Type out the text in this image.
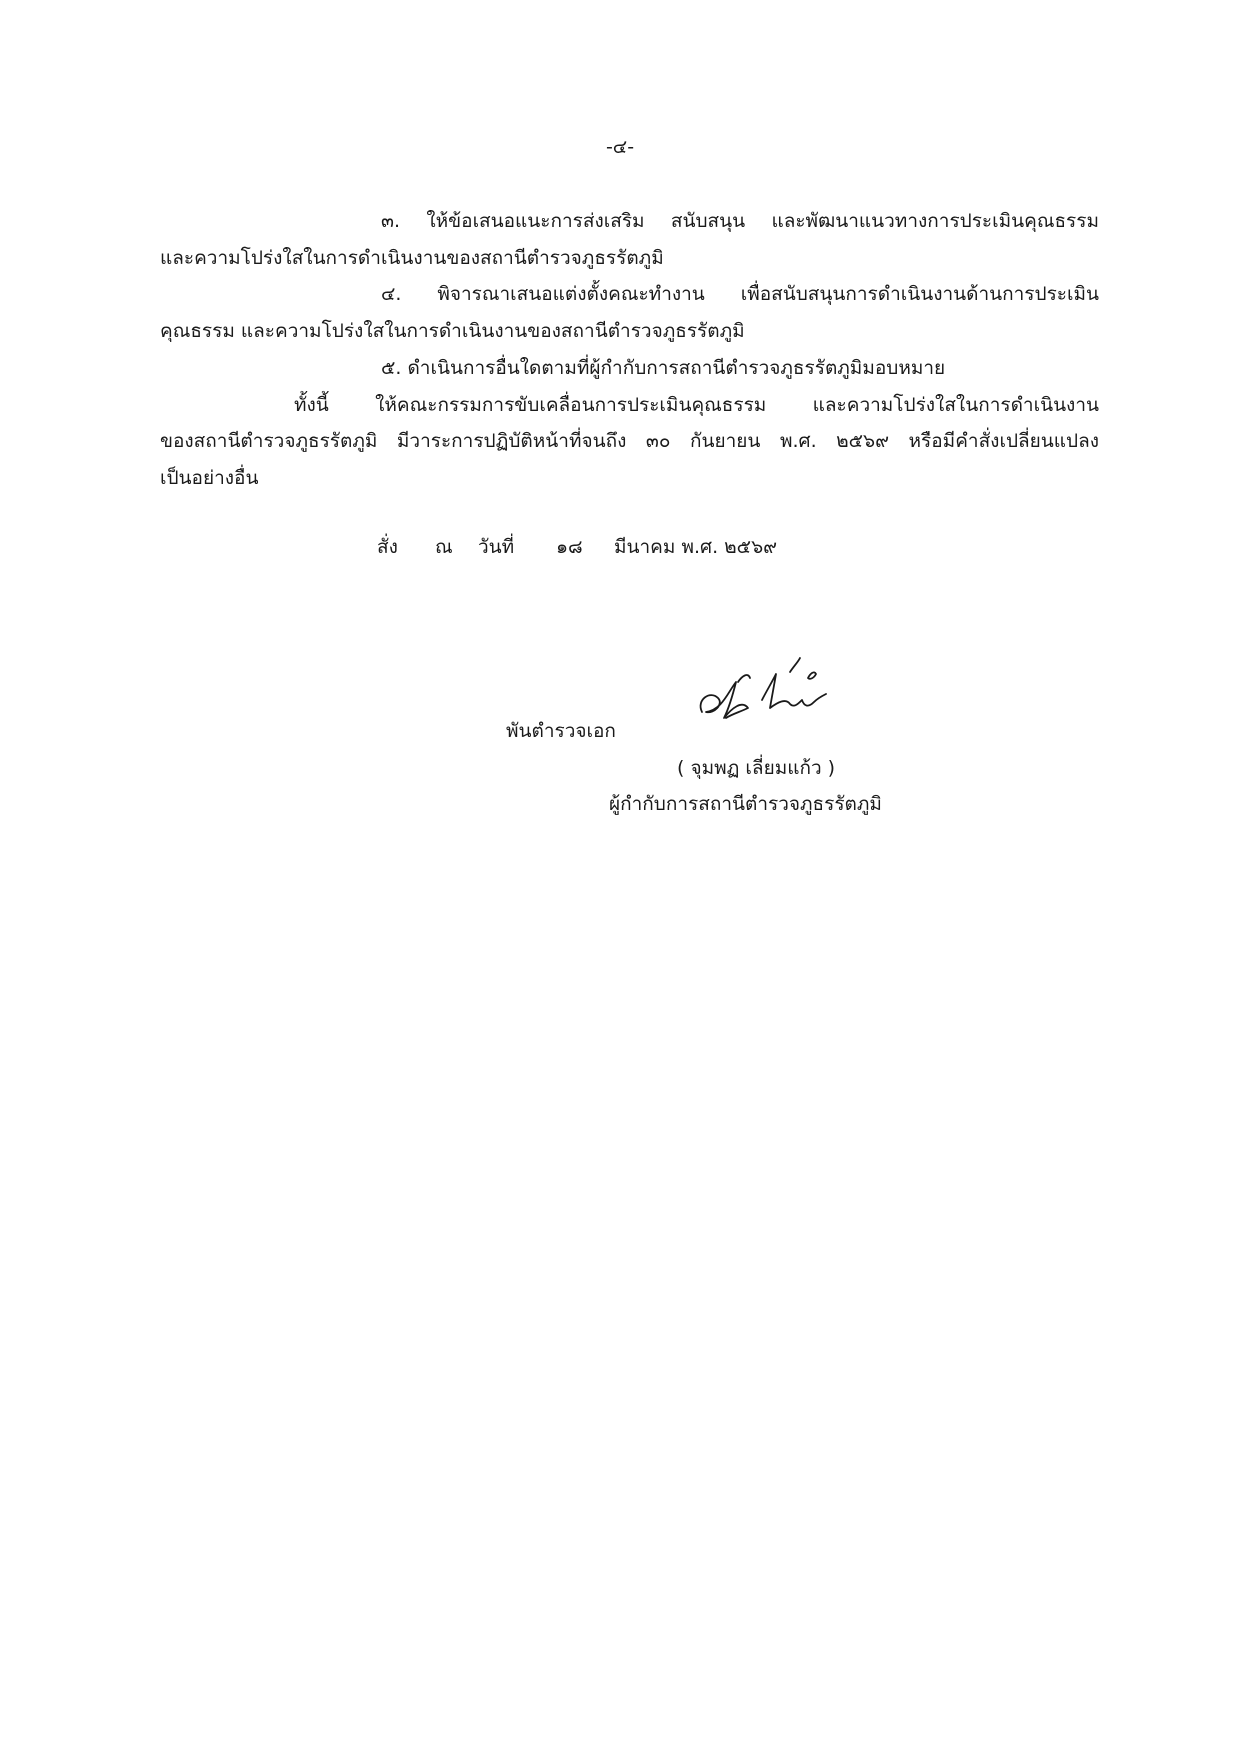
-๔-
๓. ให้ข้อเสนอแนะการส่งเสริม สนับสนุน และพัฒนาแนวทางการประเมินคุณธรรม
และความโปร่งใสในการดำเนินงานของสถานีตำรวจภูธรรัตภูมิ
๔. พิจารณาเสนอแต่งตั้งคณะทำงาน เพื่อสนับสนุนการดำเนินงานด้านการประเมิน
คุณธรรม และความโปร่งใสในการดำเนินงานของสถานีตำรวจภูธรรัตภูมิ
๕. ดำเนินการอื่นใดตามที่ผู้กำกับการสถานีตำรวจภูธรรัตภูมิมอบหมาย
ทั้งนี้ ให้คณะกรรมการขับเคลื่อนการประเมินคุณธรรม และความโปร่งใสในการดำเนินงาน
ของสถานีตำรวจภูธรรัตภูมิ มีวาระการปฏิบัติหน้าที่จนถึง ๓๐ กันยายน พ.ศ. ๒๕๖๙ หรือมีคำสั่งเปลี่ยนแปลง
เป็นอย่างอื่น
สั่ง	ณ	วันที่	๑๘	มีนาคม พ.ศ. ๒๕๖๙
พันตำรวจเอก
( จุมพฏ เลี่ยมแก้ว )
ผู้กำกับการสถานีตำรวจภูธรรัตภูมิ
